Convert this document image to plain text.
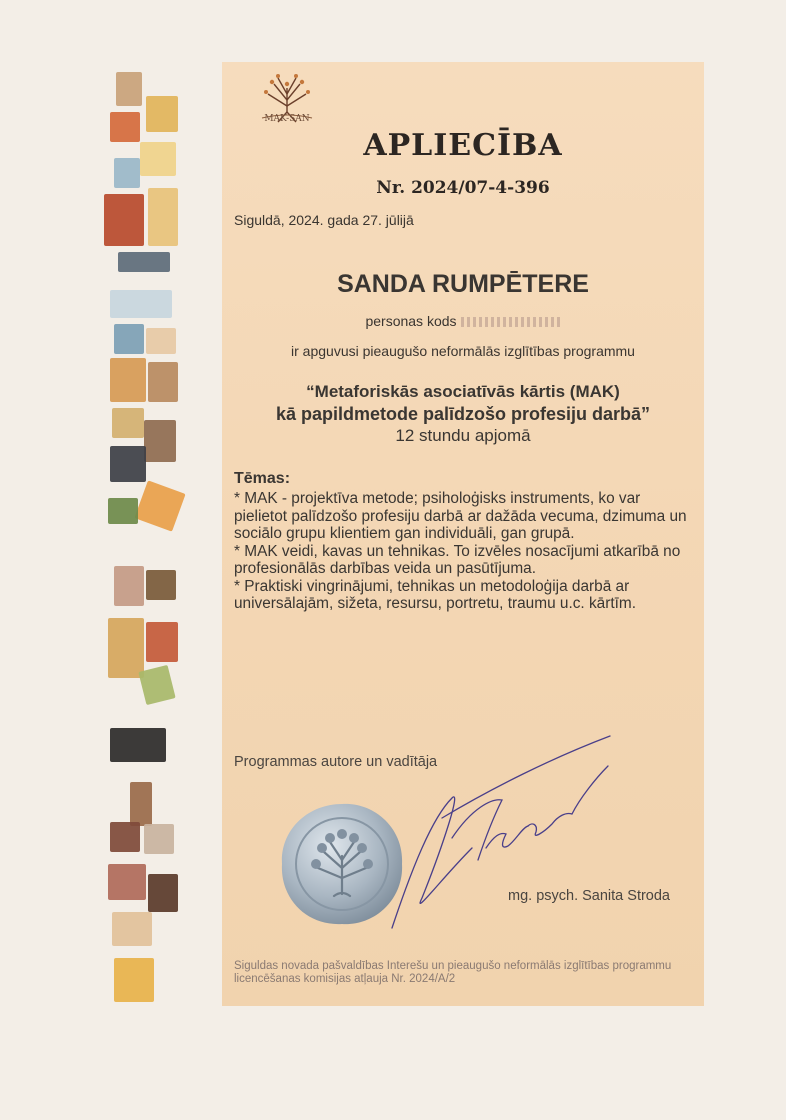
MAK-SAN
APLIECĪBA
Nr. 2024/07-4-396
Siguldā, 2024. gada 27. jūlijā
SANDA RUMPĒTERE
personas kods
ir apguvusi pieaugušo neformālās izglītības programmu
“Metaforiskās asociatīvās kārtis (MAK)
kā papildmetode palīdzošo profesiju darbā”
12 stundu apjomā
Tēmas:
* MAK - projektīva metode; psiholoģisks instruments, ko var pielietot palīdzošo profesiju darbā ar dažāda vecuma, dzimuma un sociālo grupu klientiem gan individuāli, gan grupā.
* MAK veidi, kavas un tehnikas. To izvēles nosacījumi atkarībā no profesionālās darbības veida un pasūtījuma.
* Praktiski vingrinājumi, tehnikas un metodoloģija darbā ar universālajām, sižeta, resursu, portretu, traumu u.c. kārtīm.
Programmas autore un vadītāja
mg. psych. Sanita Stroda
Siguldas novada pašvaldības Interešu un pieaugušo neformālās izglītības programmu licencēšanas komisijas atļauja Nr. 2024/A/2
